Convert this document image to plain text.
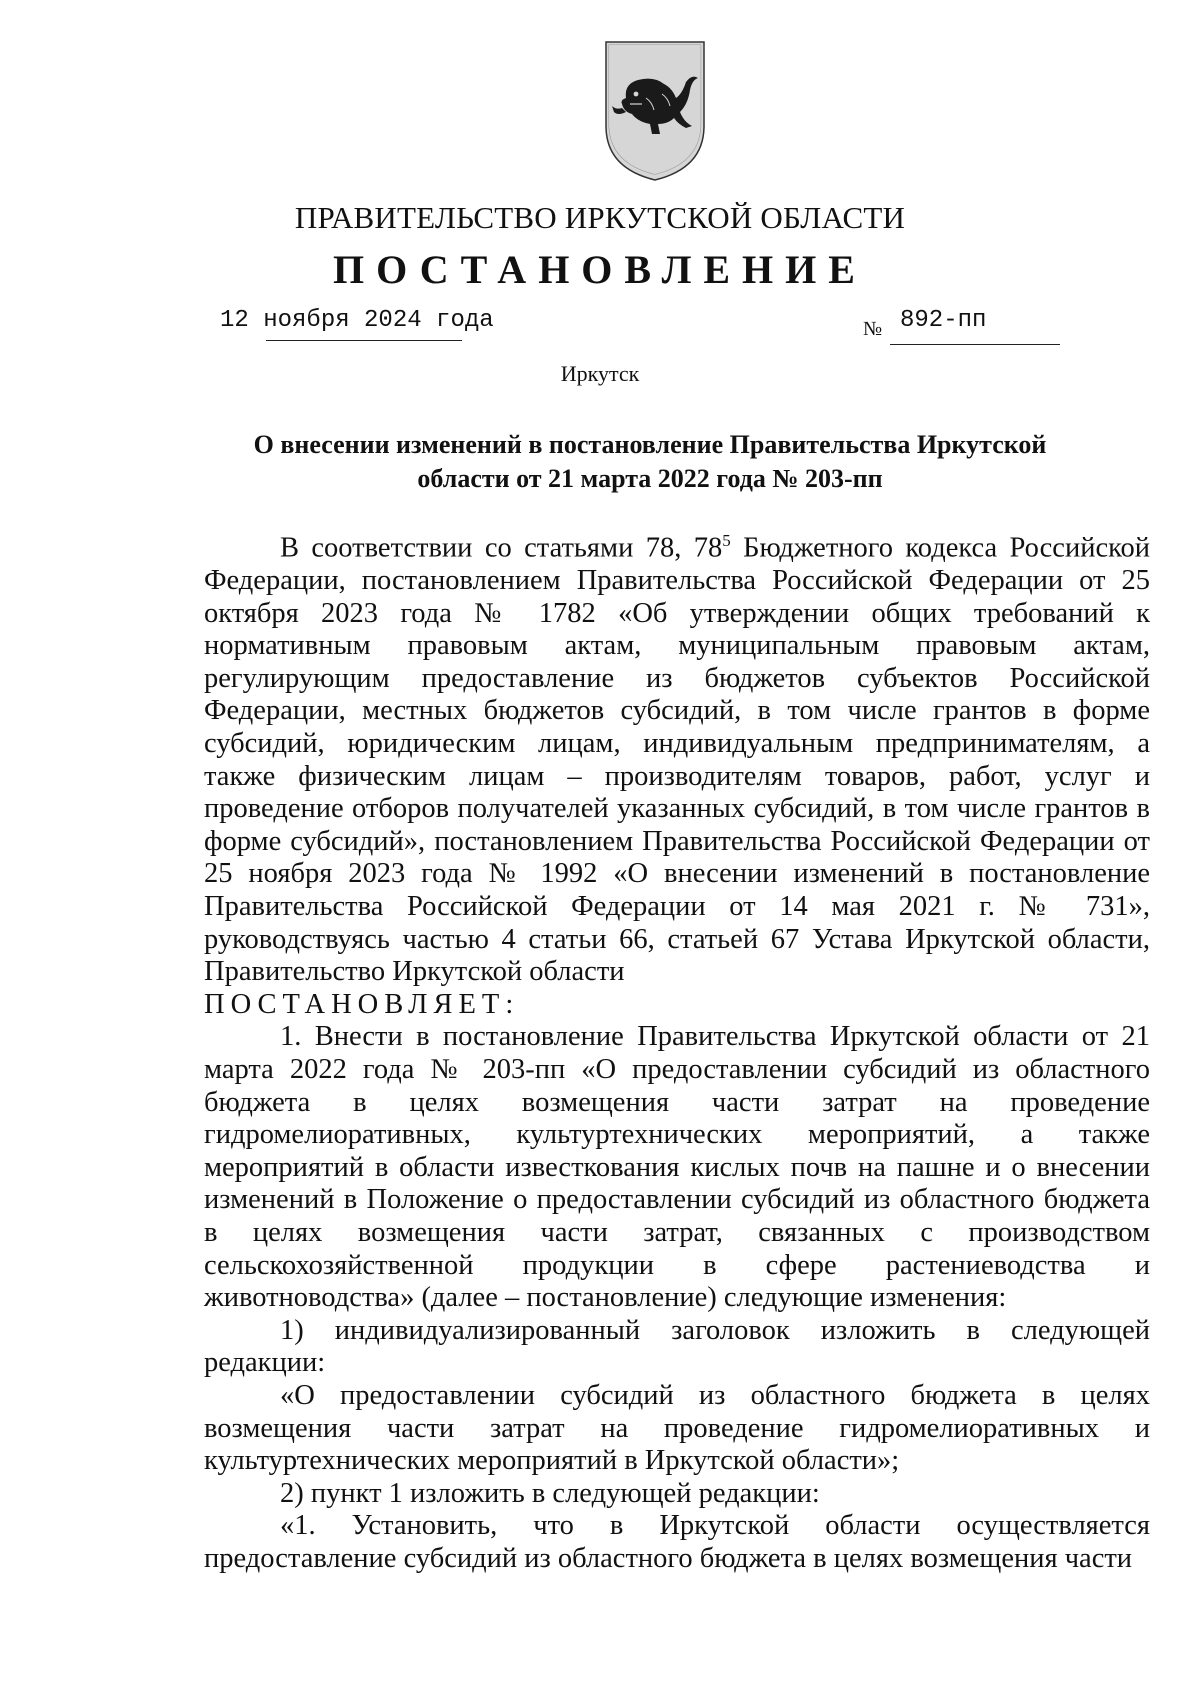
ПРАВИТЕЛЬСТВО ИРКУТСКОЙ ОБЛАСТИ
ПОСТАНОВЛЕНИЕ
12 ноября 2024 года	№ 892-пп
Иркутск
О внесении изменений в постановление Правительства Иркутской
области от 21 марта 2022 года № 203-пп

В соответствии со статьями 78, $78^5$ Бюджетного кодекса Российской Федерации, постановлением Правительства Российской Федерации от 25 октября 2023 года № 1782 «Об утверждении общих требований к нормативным правовым актам, муниципальным правовым актам, регулирующим предоставление из бюджетов субъектов Российской Федерации, местных бюджетов субсидий, в том числе грантов в форме субсидий, юридическим лицам, индивидуальным предпринимателям, а также физическим лицам – производителям товаров, работ, услуг и проведение отборов получателей указанных субсидий, в том числе грантов в форме субсидий», постановлением Правительства Российской Федерации от 25 ноября 2023 года № 1992 «О внесении изменений в постановление Правительства Российской Федерации от 14 мая 2021 г. № 731», руководствуясь частью 4 статьи 66, статьей 67 Устава Иркутской области, Правительство Иркутской области

ПОСТАНОВЛЯЕТ:

1. Внести в постановление Правительства Иркутской области от 21 марта 2022 года № 203-пп «О предоставлении субсидий из областного бюджета в целях возмещения части затрат на проведение гидромелиоративных, культуртехнических мероприятий, а также мероприятий в области известкования кислых почв на пашне и о внесении изменений в Положение о предоставлении субсидий из областного бюджета в целях возмещения части затрат, связанных с производством сельскохозяйственной продукции в сфере растениеводства и животноводства» (далее – постановление) следующие изменения:

1) индивидуализированный заголовок изложить в следующей редакции:

«О предоставлении субсидий из областного бюджета в целях возмещения части затрат на проведение гидромелиоративных и культуртехнических мероприятий в Иркутской области»;

2) пункт 1 изложить в следующей редакции:

«1. Установить, что в Иркутской области осуществляется предоставление субсидий из областного бюджета в целях возмещения части
